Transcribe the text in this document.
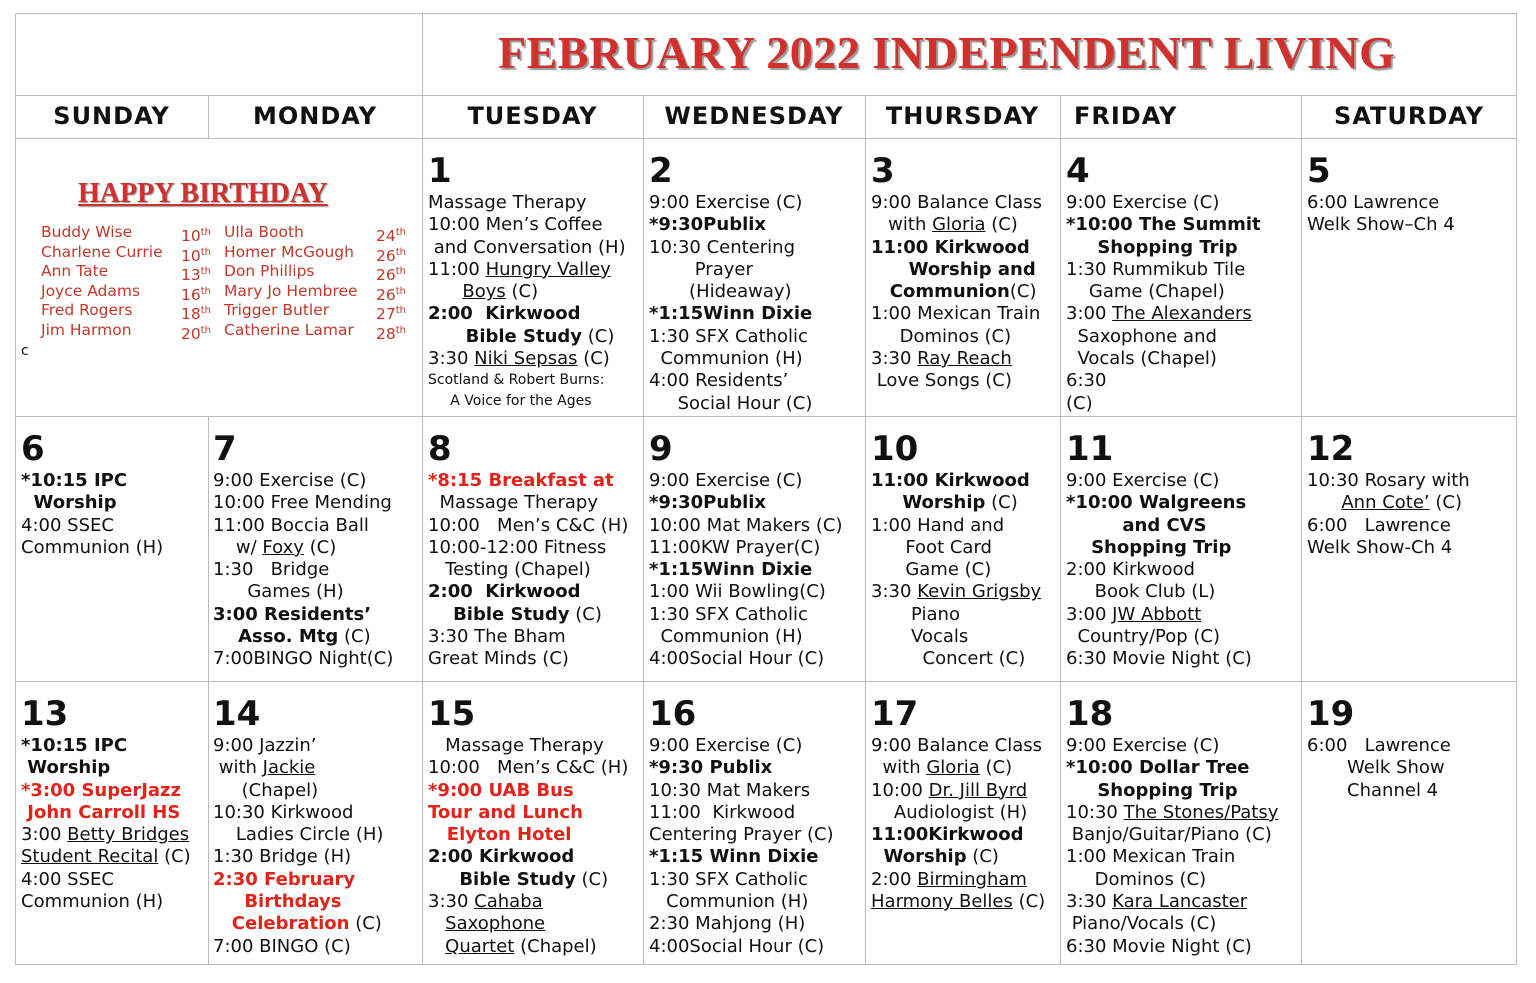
FEBRUARY 2022 INDEPENDENT LIVING
SUNDAY	MONDAY	TUESDAY	WEDNESDAY	THURSDAY	FRIDAY	SATURDAY
HAPPY BIRTHDAY
Buddy Wise	10th
Charlene Currie 10th
Ann Tate	13th
Joyce Adams	16th
Fred Rogers	18th
Jim Harmon	20th
Ulla Booth	24th
Homer McGough 26th
Don Phillips	26th
Mary Jo Hembree 26th
Trigger Butler	27th
Catherine Lamar 28th
c
1
Massage Therapy
10:00 Men’s Coffee
and Conversation (H)
11:00 Hungry Valley
Boys (C)
2:00  Kirkwood
Bible Study (C)
3:30 Niki Sepsas (C)
Scotland & Robert Burns:
A Voice for the Ages
2
9:00 Exercise (C)
*9:30Publix
10:30 Centering
Prayer
(Hideaway)
*1:15Winn Dixie
1:30 SFX Catholic
Communion (H)
4:00 Residents’
Social Hour (C)
3
9:00 Balance Class
with Gloria (C)
11:00 Kirkwood
Worship and
Communion(C)
1:00 Mexican Train
Dominos (C)
3:30 Ray Reach
Love Songs (C)
4
9:00 Exercise (C)
*10:00 The Summit
Shopping Trip
1:30 Rummikub Tile
Game (Chapel)
3:00 The Alexanders
Saxophone and
Vocals (Chapel)
6:30
(C)
5
6:00 Lawrence
Welk Show–Ch 4
6
*10:15 IPC
Worship
4:00 SSEC
Communion (H)
7
9:00 Exercise (C)
10:00 Free Mending
11:00 Boccia Ball
w/ Foxy (C)
1:30   Bridge
Games (H)
3:00 Residents’
Asso. Mtg (C)
7:00BINGO Night(C)
8
*8:15 Breakfast at
Massage Therapy
10:00   Men’s C&C (H)
10:00-12:00 Fitness
Testing (Chapel)
2:00  Kirkwood
Bible Study (C)
3:30 The Bham
Great Minds (C)
9
9:00 Exercise (C)
*9:30Publix
10:00 Mat Makers (C)
11:00KW Prayer(C)
*1:15Winn Dixie
1:00 Wii Bowling(C)
1:30 SFX Catholic
Communion (H)
4:00Social Hour (C)
10
11:00 Kirkwood
Worship (C)
1:00 Hand and
Foot Card
Game (C)
3:30 Kevin Grigsby
Piano
Vocals
Concert (C)
11
9:00 Exercise (C)
*10:00 Walgreens
and CVS
Shopping Trip
2:00 Kirkwood
Book Club (L)
3:00 JW Abbott
Country/Pop (C)
6:30 Movie Night (C)
12
10:30 Rosary with
Ann Cote’ (C)
6:00   Lawrence
Welk Show-Ch 4
13
*10:15 IPC
Worship
*3:00 SuperJazz
John Carroll HS
3:00 Betty Bridges
Student Recital (C)
4:00 SSEC
Communion (H)
14
9:00 Jazzin’
with Jackie
(Chapel)
10:30 Kirkwood
Ladies Circle (H)
1:30 Bridge (H)
2:30 February
Birthdays
Celebration (C)
7:00 BINGO (C)
15
Massage Therapy
10:00   Men’s C&C (H)
*9:00 UAB Bus
Tour and Lunch
Elyton Hotel
2:00 Kirkwood
Bible Study (C)
3:30 Cahaba
Saxophone
Quartet (Chapel)
16
9:00 Exercise (C)
*9:30 Publix
10:30 Mat Makers
11:00  Kirkwood
Centering Prayer (C)
*1:15 Winn Dixie
1:30 SFX Catholic
Communion (H)
2:30 Mahjong (H)
4:00Social Hour (C)
17
9:00 Balance Class
with Gloria (C)
10:00 Dr. Jill Byrd
Audiologist (H)
11:00Kirkwood
Worship (C)
2:00 Birmingham
Harmony Belles (C)
18
9:00 Exercise (C)
*10:00 Dollar Tree
Shopping Trip
10:30 The Stones/Patsy
Banjo/Guitar/Piano (C)
1:00 Mexican Train
Dominos (C)
3:30 Kara Lancaster
Piano/Vocals (C)
6:30 Movie Night (C)
19
6:00   Lawrence
Welk Show
Channel 4
